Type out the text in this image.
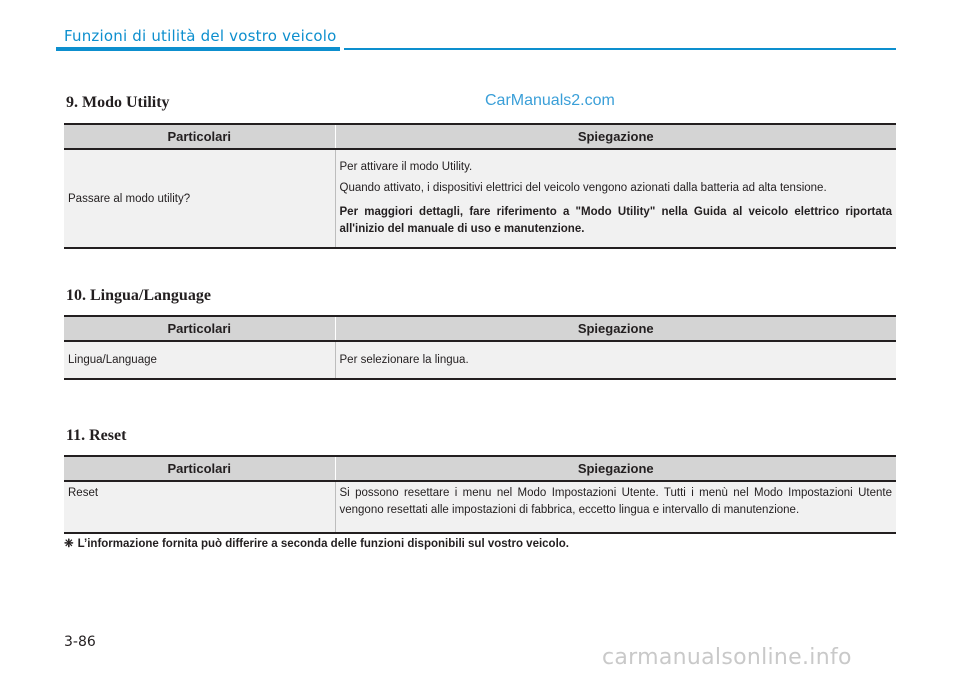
Funzioni di utilità del vostro veicolo
CarManuals2.com
9. Modo Utility
Particolari	Spiegazione
Passare al modo utility?	Per attivare il modo Utility.

Quando attivato, i dispositivi elettrici del veicolo vengono azionati dalla batteria ad alta tensione.

Per maggiori dettagli, fare riferimento a "Modo Utility" nella Guida al veicolo elettrico riportata all'inizio del manuale di uso e manutenzione.

10. Lingua/Language
Particolari	Spiegazione
Lingua/Language	Per selezionare la lingua.

11. Reset
Particolari	Spiegazione
Reset	Si possono resettare i menu nel Modo Impostazioni Utente. Tutti i menù nel Modo Impostazioni Utente vengono resettati alle impostazioni di fabbrica, eccetto lingua e intervallo di manutenzione.

❈ L’informazione fornita può differire a seconda delle funzioni disponibili sul vostro veicolo.
3-86
carmanualsonline.info
